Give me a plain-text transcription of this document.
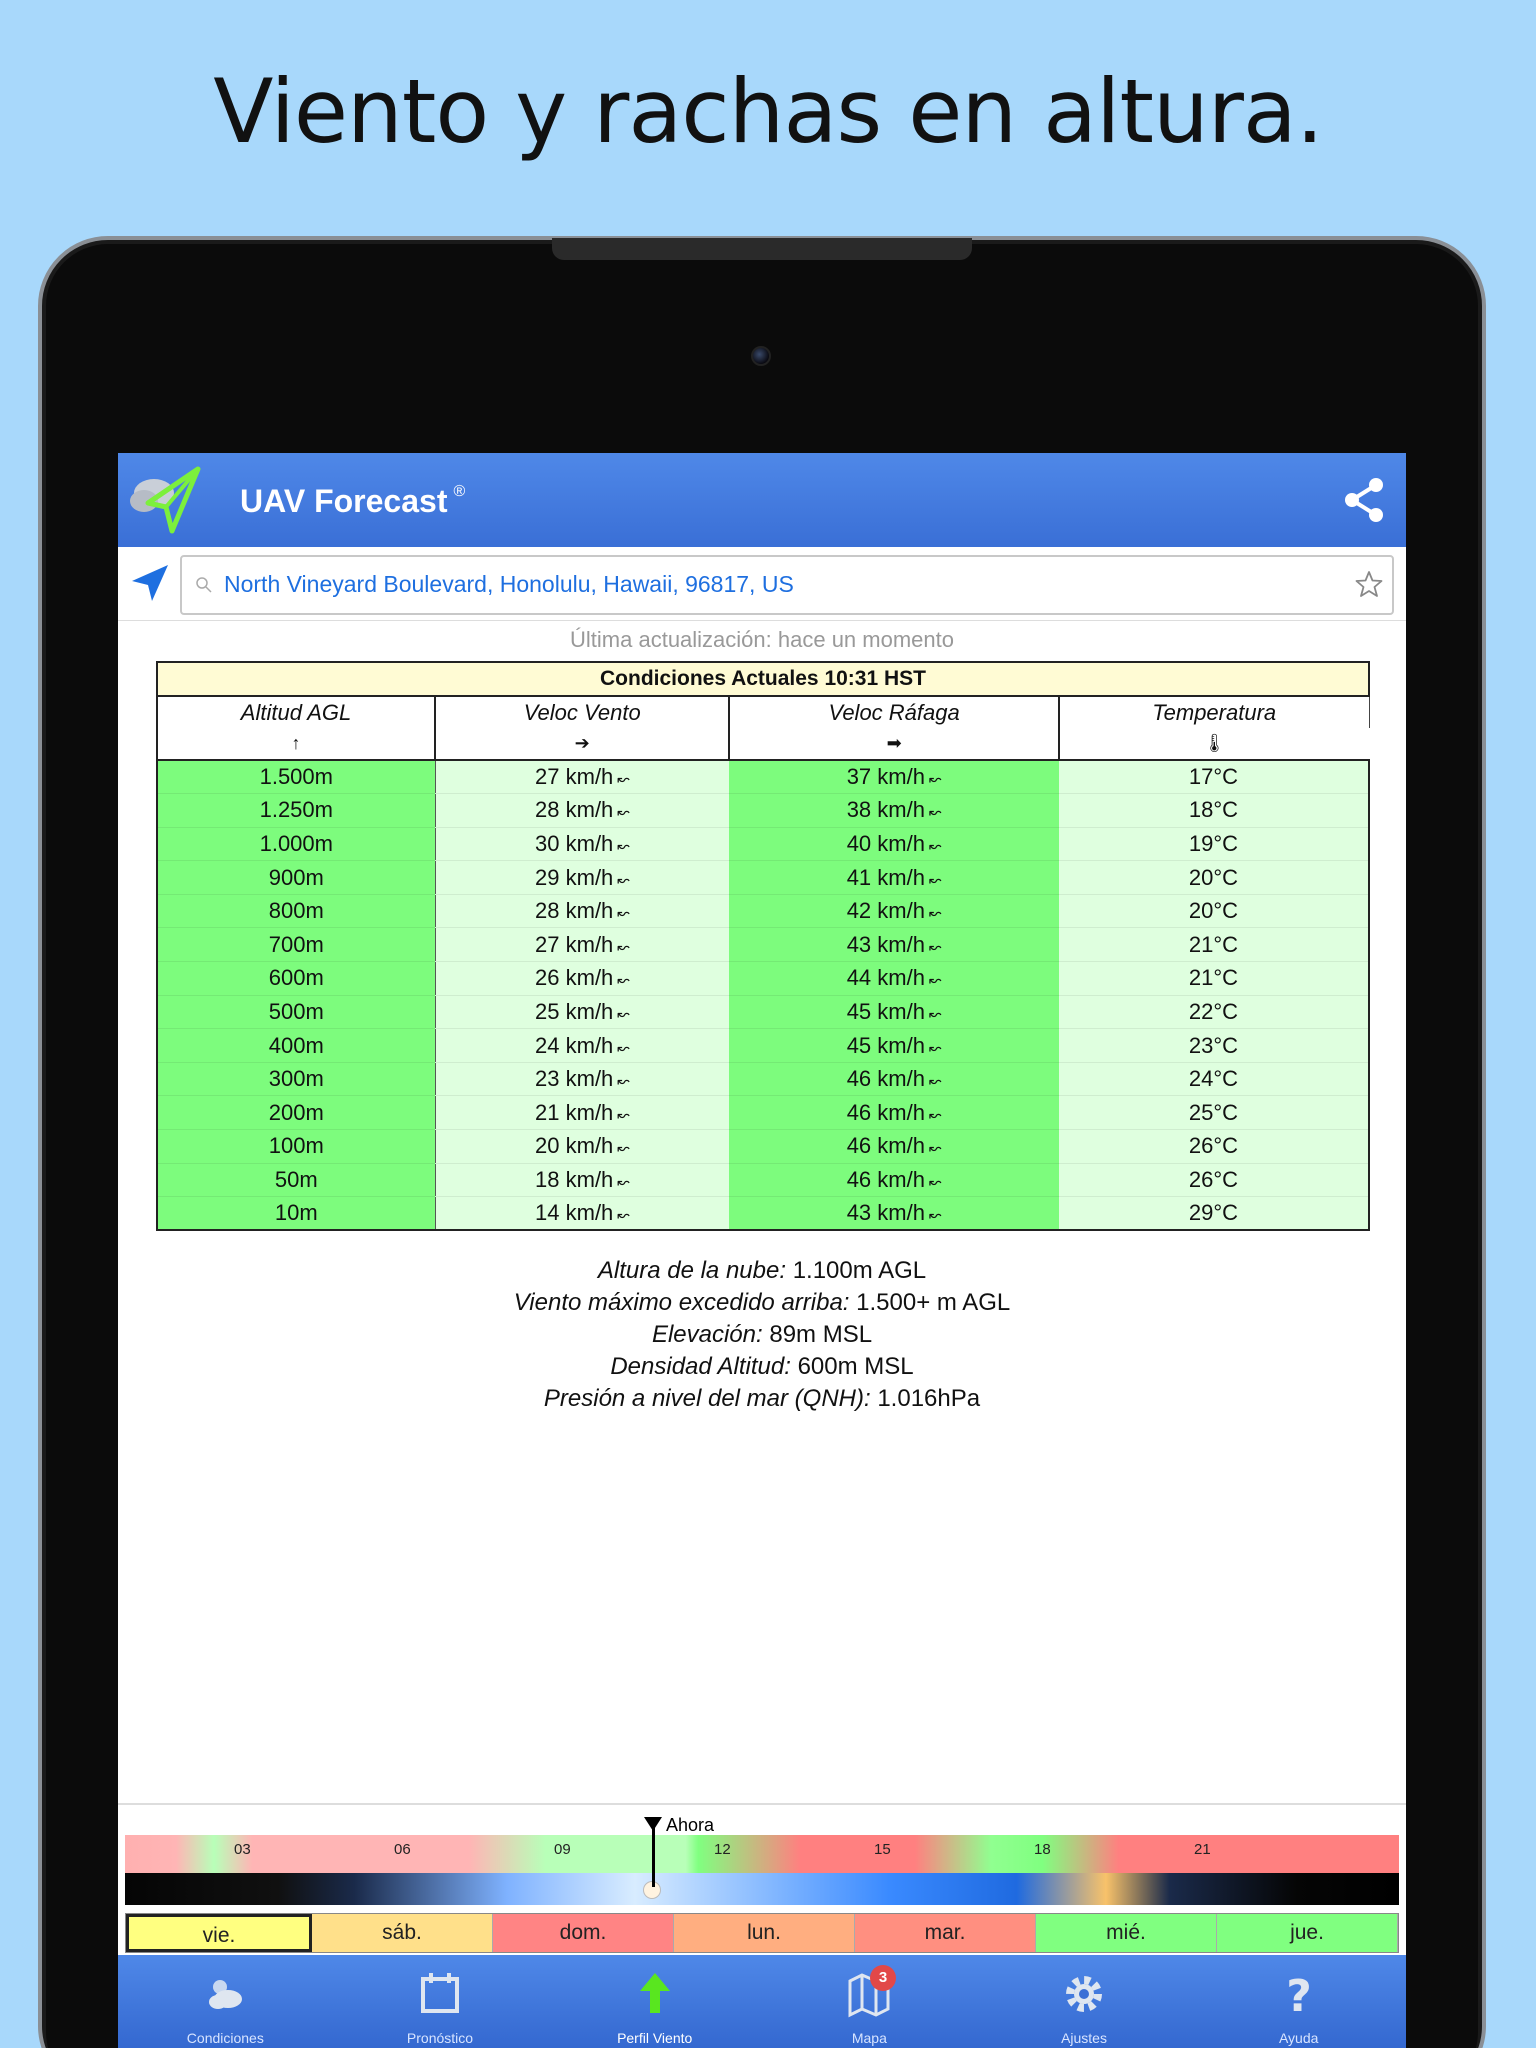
Viento y rachas en altura.
UAV Forecast ®
North Vineyard Boulevard, Honolulu, Hawaii, 96817, US
Última actualización: hace un momento
Condiciones Actuales 10:31 HST			
Altitud AGL	Veloc Vento	Veloc Ráfaga	Temperatura
↑	➔	➡	🌡
1.500m	27 km/h ↜	37 km/h ↜	17°C
1.250m	28 km/h ↜	38 km/h ↜	18°C
1.000m	30 km/h ↜	40 km/h ↜	19°C
900m	29 km/h ↜	41 km/h ↜	20°C
800m	28 km/h ↜	42 km/h ↜	20°C
700m	27 km/h ↜	43 km/h ↜	21°C
600m	26 km/h ↜	44 km/h ↜	21°C
500m	25 km/h ↜	45 km/h ↜	22°C
400m	24 km/h ↜	45 km/h ↜	23°C
300m	23 km/h ↜	46 km/h ↜	24°C
200m	21 km/h ↜	46 km/h ↜	25°C
100m	20 km/h ↜	46 km/h ↜	26°C
50m	18 km/h ↜	46 km/h ↜	26°C
10m	14 km/h ↜	43 km/h ↜	29°C
Altura de la nube: 1.100m AGL
Viento máximo excedido arriba: 1.500+ m AGL
Elevación: 89m MSL
Densidad Altitud: 600m MSL
Presión a nivel del mar (QNH): 1.016hPa
03	06	09	12	15	18	21
Ahora
vie.	sáb.	dom.	lun.	mar.	mié.	jue.
Condiciones	Pronóstico	Perfil Viento
3
Mapa	Ajustes
?
Ayuda
